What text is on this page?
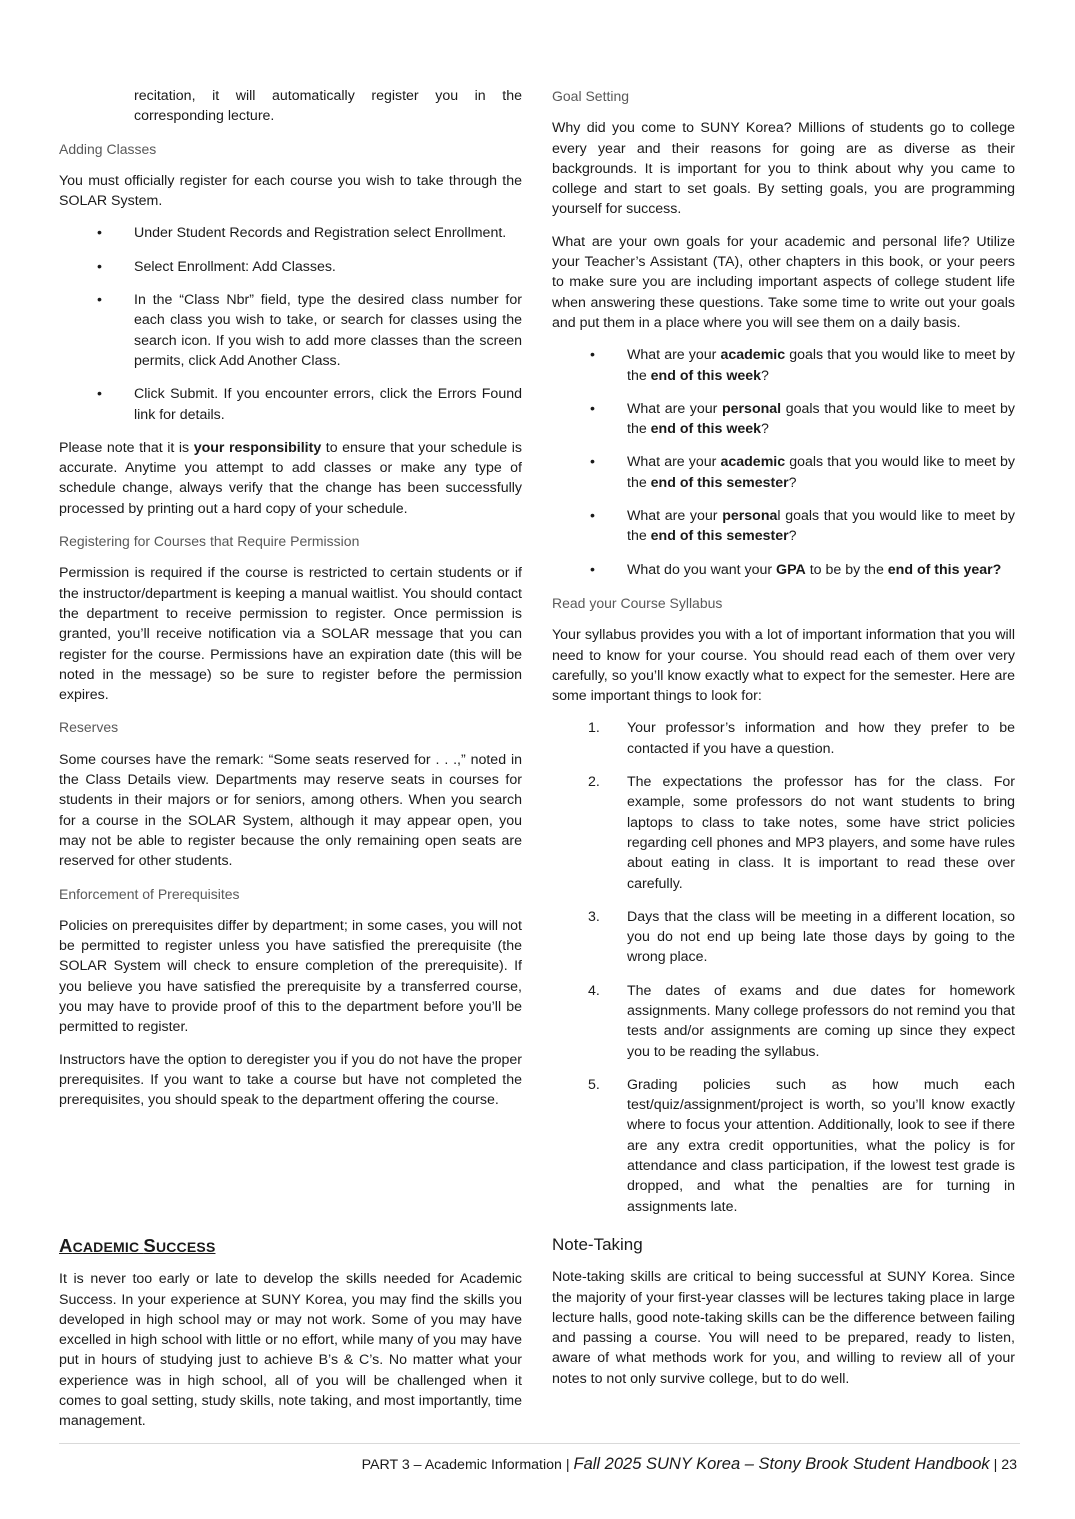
recitation, it will automatically register you in the corresponding lecture.

Adding Classes

You must officially register for each course you wish to take through the SOLAR System.

• Under Student Records and Registration select Enrollment.
• Select Enrollment: Add Classes.
• In the “Class Nbr” field, type the desired class number for each class you wish to take, or search for classes using the search icon. If you wish to add more classes than the screen permits, click Add Another Class.
• Click Submit. If you encounter errors, click the Errors Found link for details.

Please note that it is your responsibility to ensure that your schedule is accurate. Anytime you attempt to add classes or make any type of schedule change, always verify that the change has been successfully processed by printing out a hard copy of your schedule.

Registering for Courses that Require Permission

Permission is required if the course is restricted to certain students or if the instructor/department is keeping a manual waitlist. You should contact the department to receive permission to register. Once permission is granted, you’ll receive notification via a SOLAR message that you can register for the course. Permissions have an expiration date (this will be noted in the message) so be sure to register before the permission expires.

Reserves

Some courses have the remark: “Some seats reserved for . . .,” noted in the Class Details view. Departments may reserve seats in courses for students in their majors or for seniors, among others. When you search for a course in the SOLAR System, although it may appear open, you may not be able to register because the only remaining open seats are reserved for other students.

Enforcement of Prerequisites

Policies on prerequisites differ by department; in some cases, you will not be permitted to register unless you have satisfied the prerequisite (the SOLAR System will check to ensure completion of the prerequisite). If you believe you have satisfied the prerequisite by a transferred course, you may have to provide proof of this to the department before you’ll be permitted to register.

Instructors have the option to deregister you if you do not have the proper prerequisites. If you want to take a course but have not completed the prerequisites, you should speak to the department offering the course.

ACADEMIC SUCCESS

It is never too early or late to develop the skills needed for Academic Success. In your experience at SUNY Korea, you may find the skills you developed in high school may or may not work. Some of you may have excelled in high school with little or no effort, while many of you may have put in hours of studying just to achieve B’s & C’s. No matter what your experience was in high school, all of you will be challenged when it comes to goal setting, study skills, note taking, and most importantly, time management.

Goal Setting

Why did you come to SUNY Korea? Millions of students go to college every year and their reasons for going are as diverse as their backgrounds. It is important for you to think about why you came to college and start to set goals. By setting goals, you are programming yourself for success.

What are your own goals for your academic and personal life? Utilize your Teacher’s Assistant (TA), other chapters in this book, or your peers to make sure you are including important aspects of college student life when answering these questions. Take some time to write out your goals and put them in a place where you will see them on a daily basis.

• What are your academic goals that you would like to meet by the end of this week?
• What are your personal goals that you would like to meet by the end of this week?
• What are your academic goals that you would like to meet by the end of this semester?
• What are your personal goals that you would like to meet by the end of this semester?
• What do you want your GPA to be by the end of this year?
Read your Course Syllabus

Your syllabus provides you with a lot of important information that you will need to know for your course. You should read each of them over very carefully, so you’ll know exactly what to expect for the semester. Here are some important things to look for:

1. Your professor’s information and how they prefer to be contacted if you have a question.
2. The expectations the professor has for the class. For example, some professors do not want students to bring laptops to class to take notes, some have strict policies regarding cell phones and MP3 players, and some have rules about eating in class. It is important to read these over carefully.
3. Days that the class will be meeting in a different location, so you do not end up being late those days by going to the wrong place.
4. The dates of exams and due dates for homework assignments. Many college professors do not remind you that tests and/or assignments are coming up since they expect you to be reading the syllabus.
5. Grading policies such as how much each test/quiz/assignment/project is worth, so you’ll know exactly where to focus your attention. Additionally, look to see if there are any extra credit opportunities, what the policy is for attendance and class participation, if the lowest test grade is dropped, and what the penalties are for turning in assignments late.
Note-Taking

Note-taking skills are critical to being successful at SUNY Korea. Since the majority of your first-year classes will be lectures taking place in large lecture halls, good note-taking skills can be the difference between failing and passing a course. You will need to be prepared, ready to listen, aware of what methods work for you, and willing to review all of your notes to not only survive college, but to do well.

PART 3 – Academic Information | Fall 2025 SUNY Korea – Stony Brook Student Handbook | 23
